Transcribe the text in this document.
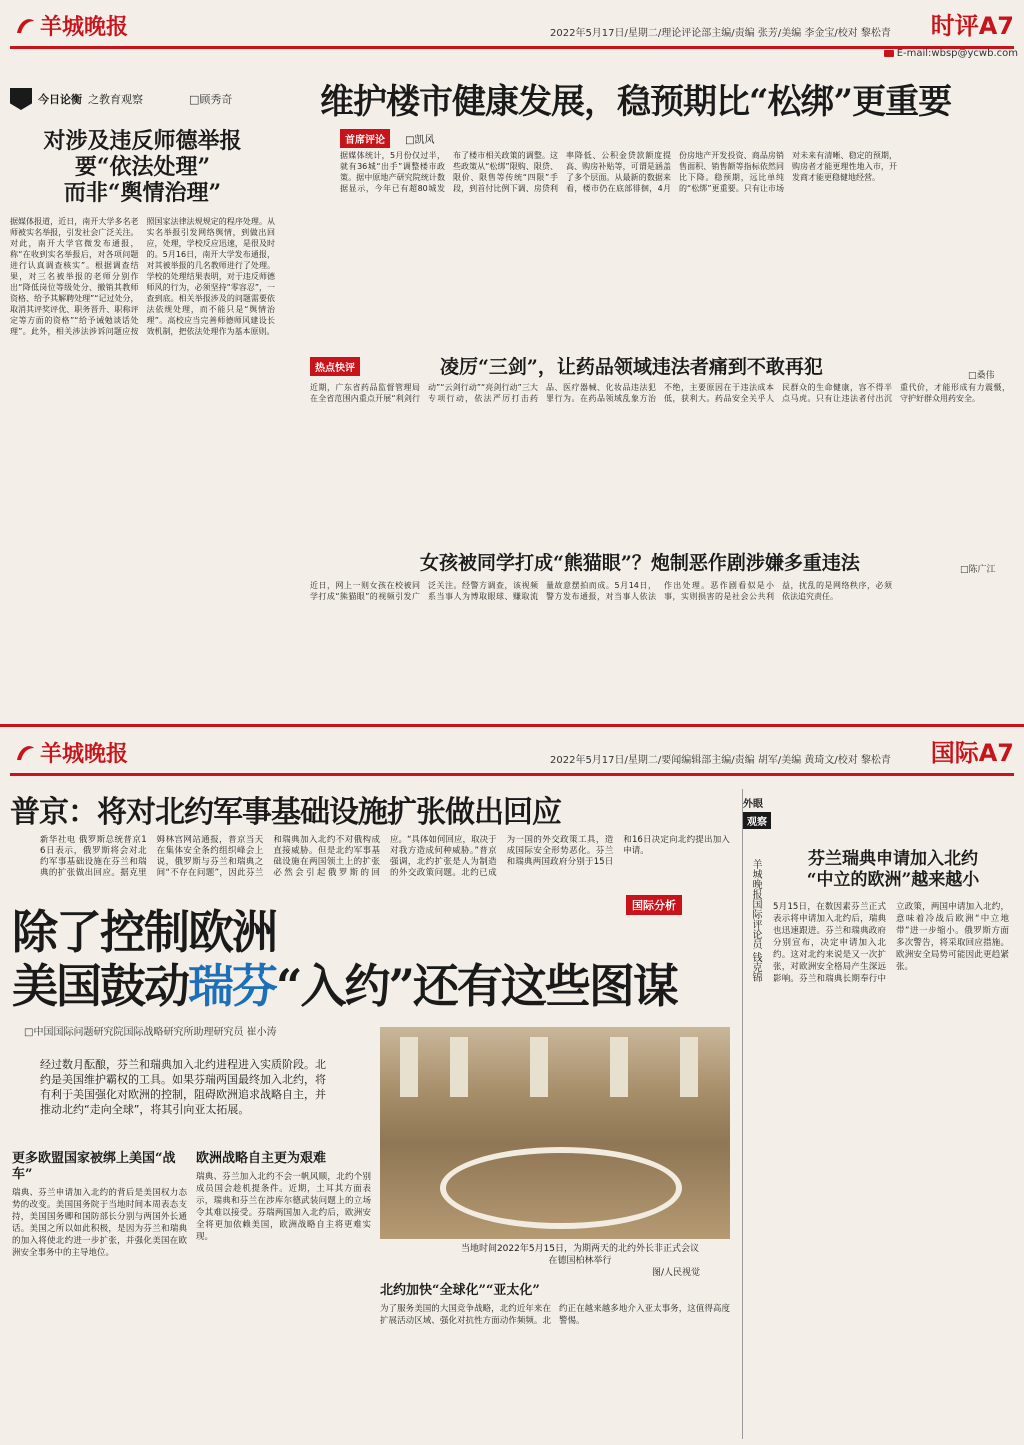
羊城晚报	2022年5月17日/星期二/理论评论部主编/责编 张芳/美编 李金宝/校对 黎松青 时评A7
E-mail:wbsp@ycwb.com
今日论衡 之教育观察	□顾秀奇
对涉及违反师德举报
要“依法处理”
而非“舆情治理”
据媒体报道，近日，南开大学多名老师被实名举报，引发社会广泛关注。对此，南开大学官微发布通报，称“在收到实名举报后，对各项问题进行认真调查核实”。根据调查结果，对三名被举报的老师分别作出“降低岗位等级处分、撤销其教师资格、给予其解聘处理”“记过处分，取消其评奖评优、职务晋升、职称评定等方面的资格”“给予诫勉谈话处理”。此外，相关涉法涉诉问题应按照国家法律法规规定的程序处理。从实名举报引发网络舆情，到做出回应，处理，学校反应迅速，是很及时的。5月16日，南开大学发布通报，对其被举报的几名教师进行了处理。学校的处理结果表明，对于违反师德师风的行为，必须坚持“零容忍”，一查到底。相关举报涉及的问题需要依法依规处理，而不能只是“舆情治理”。高校应当完善师德师风建设长效机制，把依法处理作为基本原则。
维护楼市健康发展，稳预期比“松绑”更重要
首席评论 □凯风
据媒体统计，5月份仅过半，就有36城“出手”调整楼市政策。据中原地产研究院统计数据显示，今年已有超80城发布了楼市相关政策的调整。这些政策从“松绑”限购、限贷、限价、限售等传统“四限”手段，到首付比例下调、房贷利率降低、公积金贷款额度提高、购房补贴等，可谓是涵盖了多个层面。从最新的数据来看，楼市仍在底部徘徊，4月份房地产开发投资、商品房销售面积、销售额等指标依然同比下降。稳预期，远比单纯的“松绑”更重要。只有让市场对未来有清晰、稳定的预期，购房者才能更理性地入市，开发商才能更稳健地经营。
热点快评	凌厉“三剑”，让药品领域违法者痛到不敢再犯	□桑伟
近期，广东省药品监督管理局在全省范围内重点开展“利剑行动”“云剑行动”“亮剑行动”三大专项行动，依法严厉打击药品、医疗器械、化妆品违法犯罪行为。在药品领域乱象方治不绝，主要原因在于违法成本低，获利大。药品安全关乎人民群众的生命健康，容不得半点马虎。只有让违法者付出沉重代价，才能形成有力震慑，守护好群众用药安全。
女孩被同学打成“熊猫眼”？炮制恶作剧涉嫌多重违法	□陈广江
近日，网上一则女孩在校被同学打成“熊猫眼”的视频引发广泛关注。经警方调查，该视频系当事人为博取眼球、赚取流量故意摆拍而成。5月14日，警方发布通报，对当事人依法作出处理。恶作剧看似是小事，实则损害的是社会公共利益，扰乱的是网络秩序，必须依法追究责任。
羊城晚报	2022年5月17日/星期二/要闻编辑部主编/责编 胡军/美编 黄琦文/校对 黎松青 国际A7
普京：将对北约军事基础设施扩张做出回应
新华社电 俄罗斯总统普京16日表示，俄罗斯将会对北约军事基础设施在芬兰和瑞典的扩张做出回应。据克里姆林宫网站通报，普京当天在集体安全条约组织峰会上说，俄罗斯与芬兰和瑞典之间“不存在问题”，因此芬兰和瑞典加入北约不对俄构成直接威胁。但是北约军事基础设施在两国领土上的扩张必然会引起俄罗斯的回应。“具体如何回应，取决于对我方造成何种威胁。”普京强调，北约扩张是人为制造的外交政策问题。北约已成为一国的外交政策工具，造成国际安全形势恶化。芬兰和瑞典两国政府分别于15日和16日决定向北约提出加入申请。
国际分析
除了控制欧洲
美国鼓动瑞芬“入约”还有这些图谋
□中国国际问题研究院国际战略研究所助理研究员 崔小涛
经过数月酝酿，芬兰和瑞典加入北约进程进入实质阶段。北约是美国维护霸权的工具。如果芬瑞两国最终加入北约，将有利于美国强化对欧洲的控制，阻碍欧洲追求战略自主，并推动北约“走向全球”，将其引向亚太拓展。
更多欧盟国家被绑上美国“战车”
瑞典、芬兰申请加入北约的背后是美国权力态势的改变。美国国务院于当地时间本周表态支持，美国国务卿和国防部长分别与两国外长通话。美国之所以如此积极，是因为芬兰和瑞典的加入将使北约进一步扩张，并强化美国在欧洲安全事务中的主导地位。
欧洲战略自主更为艰难
瑞典、芬兰加入北约不会一帆风顺，北约个别成员国会趁机提条件。近期，土耳其方面表示，瑞典和芬兰在涉库尔德武装问题上的立场令其难以接受。芬瑞两国加入北约后，欧洲安全将更加依赖美国，欧洲战略自主将更难实现。
当地时间2022年5月15日，为期两天的北约外长非正式会议在德国柏林举行
图/人民视觉
北约加快“全球化”“亚太化”
为了服务美国的大国竞争战略，北约近年来在扩展活动区域、强化对抗性方面动作频频。北约正在越来越多地介入亚太事务，这值得高度警惕。
外眼
观察
羊城晚报国际评论员 钱克锦	芬兰瑞典申请加入北约
“中立的欧洲”越来越小
5月15日，在数因素芬兰正式表示将申请加入北约后，瑞典也迅速跟进。芬兰和瑞典政府分别宣布，决定申请加入北约。这对北约来说是又一次扩张，对欧洲安全格局产生深远影响。芬兰和瑞典长期奉行中立政策，两国申请加入北约，意味着冷战后欧洲“中立地带”进一步缩小。俄罗斯方面多次警告，将采取回应措施。欧洲安全局势可能因此更趋紧张。
